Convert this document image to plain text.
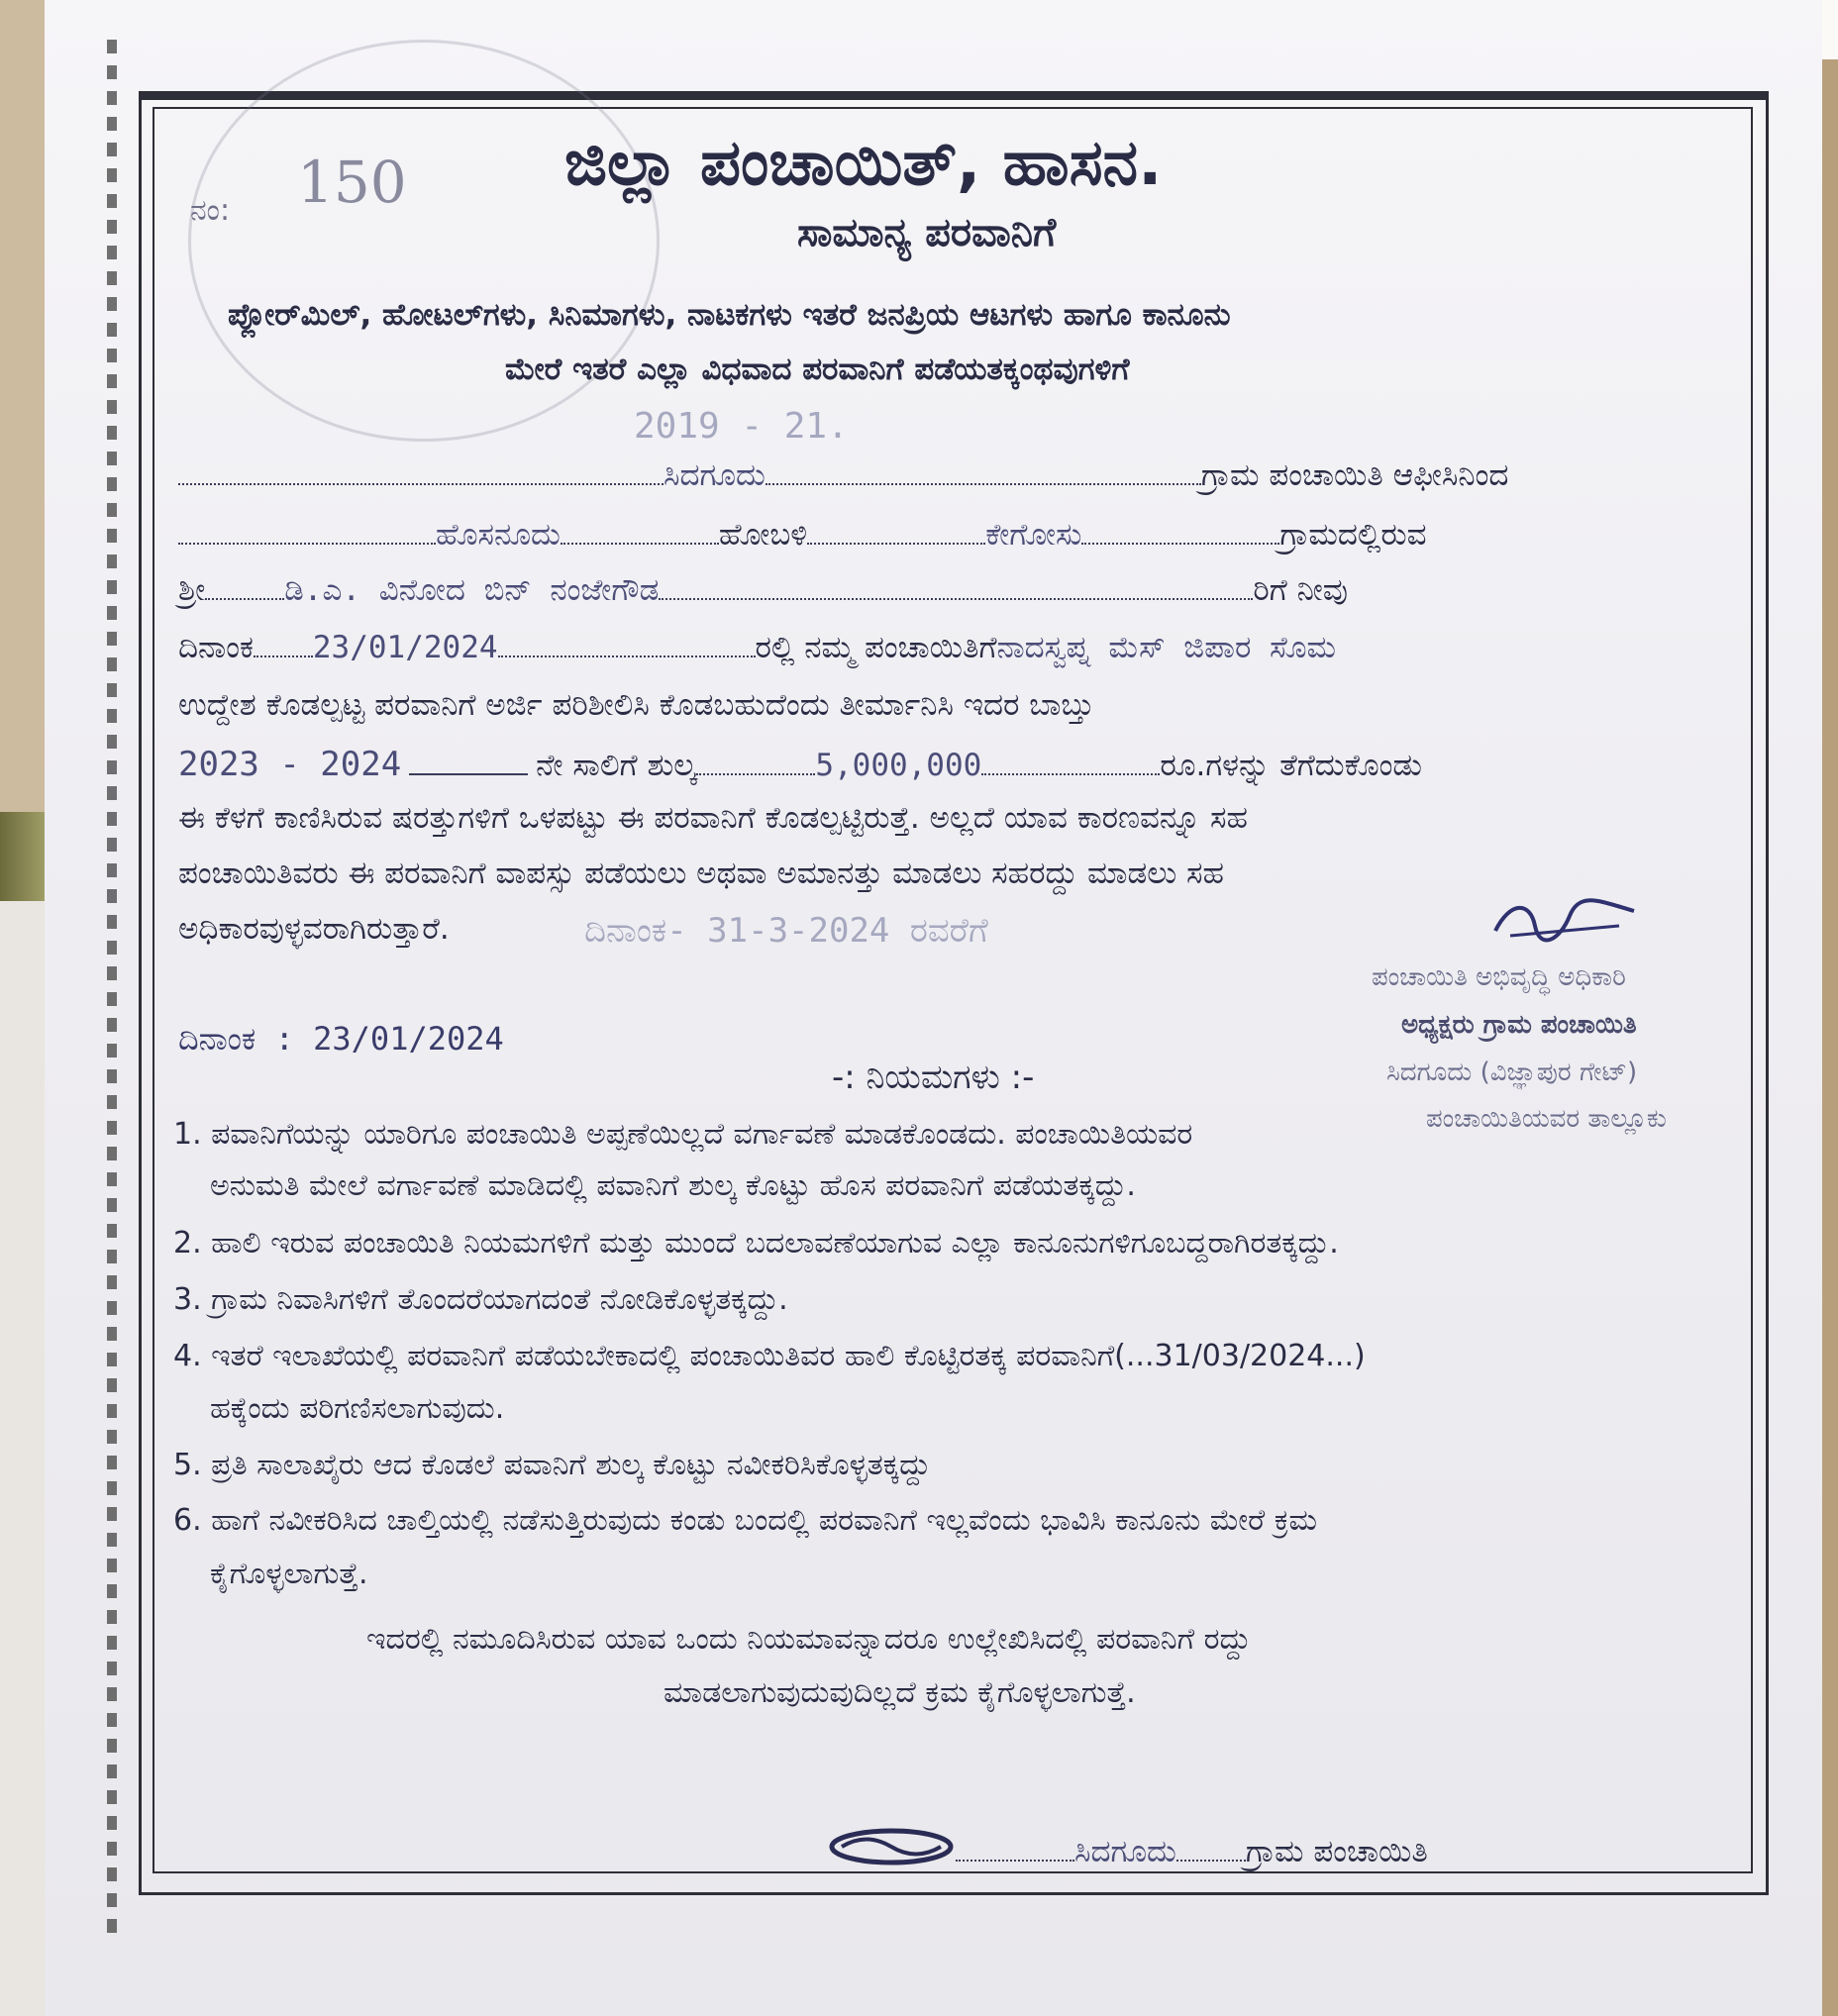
ನಂ: 150 ಜಿಲ್ಲಾ ಪಂಚಾಯಿತ್, ಹಾಸನ.
ಸಾಮಾನ್ಯ ಪರವಾನಿಗೆ
ಪ್ಲೋರ್‌ಮಿಲ್, ಹೋಟಲ್‌ಗಳು, ಸಿನಿಮಾಗಳು, ನಾಟಕಗಳು ಇತರೆ ಜನಪ್ರಿಯ ಆಟಗಳು ಹಾಗೂ ಕಾನೂನು
ಮೇರೆ ಇತರೆ ಎಲ್ಲಾ ವಿಧವಾದ ಪರವಾನಿಗೆ ಪಡೆಯತಕ್ಕಂಥವುಗಳಿಗೆ
2019 - 21.
ಸಿದಗೂದು	ಗ್ರಾಮ ಪಂಚಾಯಿತಿ ಆಫೀಸಿನಿಂದ
ಹೊಸನೂದು	ಹೋಬಳಿ	ಕೇಗೋಸು	ಗ್ರಾಮದಲ್ಲಿರುವ
ಶ್ರೀ	ಡಿ.ಎ. ವಿನೋದ ಬಿನ್ ನಂಜೇಗೌಡ	ರಿಗೆ ನೀವು
ದಿನಾಂಕ 23/01/2024	ರಲ್ಲಿ ನಮ್ಮ ಪಂಚಾಯಿತಿಗೆನಾದಸ್ವಪ್ನ ಮೆಸ್ ಜಿಪಾರ ಸೊಮ
ಉದ್ದೇಶ ಕೊಡಲ್ಪಟ್ಟ ಪರವಾನಿಗೆ ಅರ್ಜಿ ಪರಿಶೀಲಿಸಿ ಕೊಡಬಹುದೆಂದು ತೀರ್ಮಾನಿಸಿ ಇದರ ಬಾಬ್ತು
2023 - 2024	ನೇ ಸಾಲಿಗೆ ಶುಲ್ಕ	5,000,000	ರೂ.ಗಳನ್ನು ತೆಗೆದುಕೊಂಡು
ಈ ಕೆಳಗೆ ಕಾಣಿಸಿರುವ ಷರತ್ತುಗಳಿಗೆ ಒಳಪಟ್ಟು ಈ ಪರವಾನಿಗೆ ಕೊಡಲ್ಪಟ್ಟಿರುತ್ತೆ. ಅಲ್ಲದೆ ಯಾವ ಕಾರಣವನ್ನೂ ಸಹ
ಪಂಚಾಯಿತಿವರು ಈ ಪರವಾನಿಗೆ ವಾಪಸ್ಸು ಪಡೆಯಲು ಅಥವಾ ಅಮಾನತ್ತು ಮಾಡಲು ಸಹರದ್ದು ಮಾಡಲು ಸಹ
ಅಧಿಕಾರವುಳ್ಳವರಾಗಿರುತ್ತಾರೆ.	ದಿನಾಂಕ- 31-3-2024 ರವರೆಗೆ
ಪಂಚಾಯಿತಿ ಅಭಿವೃದ್ಧಿ ಅಧಿಕಾರಿ
ಅಧ್ಯಕ್ಷರು ಗ್ರಾಮ ಪಂಚಾಯಿತಿ
ಸಿದಗೂದು (ವಿಜ್ಞಾಪುರ ಗೇಟ್)
ಪಂಚಾಯಿತಿಯವರ ತಾಲ್ಲೂಕು
ದಿನಾಂಕ : 23/01/2024
-: ನಿಯಮಗಳು :-
1. ಪವಾನಿಗೆಯನ್ನು ಯಾರಿಗೂ ಪಂಚಾಯಿತಿ ಅಪ್ಪಣೆಯಿಲ್ಲದೆ ವರ್ಗಾವಣೆ ಮಾಡಕೊಂಡದು. ಪಂಚಾಯಿತಿಯವರ
ಅನುಮತಿ ಮೇಲೆ ವರ್ಗಾವಣೆ ಮಾಡಿದಲ್ಲಿ ಪವಾನಿಗೆ ಶುಲ್ಕ ಕೊಟ್ಟು ಹೊಸ ಪರವಾನಿಗೆ ಪಡೆಯತಕ್ಕದ್ದು.
2. ಹಾಲಿ ಇರುವ ಪಂಚಾಯಿತಿ ನಿಯಮಗಳಿಗೆ ಮತ್ತು ಮುಂದೆ ಬದಲಾವಣೆಯಾಗುವ ಎಲ್ಲಾ ಕಾನೂನುಗಳಿಗೂಬದ್ದರಾಗಿರತಕ್ಕದ್ದು.
3. ಗ್ರಾಮ ನಿವಾಸಿಗಳಿಗೆ ತೊಂದರೆಯಾಗದಂತೆ ನೋಡಿಕೊಳ್ಳತಕ್ಕದ್ದು.
4. ಇತರೆ ಇಲಾಖೆಯಲ್ಲಿ ಪರವಾನಿಗೆ ಪಡೆಯಬೇಕಾದಲ್ಲಿ ಪಂಚಾಯಿತಿವರ ಹಾಲಿ ಕೊಟ್ಟಿರತಕ್ಕ ಪರವಾನಿಗೆ(...31/03/2024...)
ಹಕ್ಕೆಂದು ಪರಿಗಣಿಸಲಾಗುವುದು.
5. ಪ್ರತಿ ಸಾಲಾಖೈರು ಆದ ಕೊಡಲೆ ಪವಾನಿಗೆ ಶುಲ್ಕ ಕೊಟ್ಟು ನವೀಕರಿಸಿಕೊಳ್ಳತಕ್ಕದ್ದು
6. ಹಾಗೆ ನವೀಕರಿಸಿದ ಚಾಲ್ತಿಯಲ್ಲಿ ನಡೆಸುತ್ತಿರುವುದು ಕಂಡು ಬಂದಲ್ಲಿ ಪರವಾನಿಗೆ ಇಲ್ಲವೆಂದು ಭಾವಿಸಿ ಕಾನೂನು ಮೇರೆ ಕ್ರಮ
ಕೈಗೊಳ್ಳಲಾಗುತ್ತೆ.
ಇದರಲ್ಲಿ ನಮೂದಿಸಿರುವ ಯಾವ ಒಂದು ನಿಯಮಾವನ್ನಾದರೂ ಉಲ್ಲೇಖಿಸಿದಲ್ಲಿ ಪರವಾನಿಗೆ ರದ್ದು
ಮಾಡಲಾಗುವುದುವುದಿಲ್ಲದೆ ಕ್ರಮ ಕೈಗೊಳ್ಳಲಾಗುತ್ತೆ.
ಸಿದಗೂದು ಗ್ರಾಮ ಪಂಚಾಯಿತಿ
